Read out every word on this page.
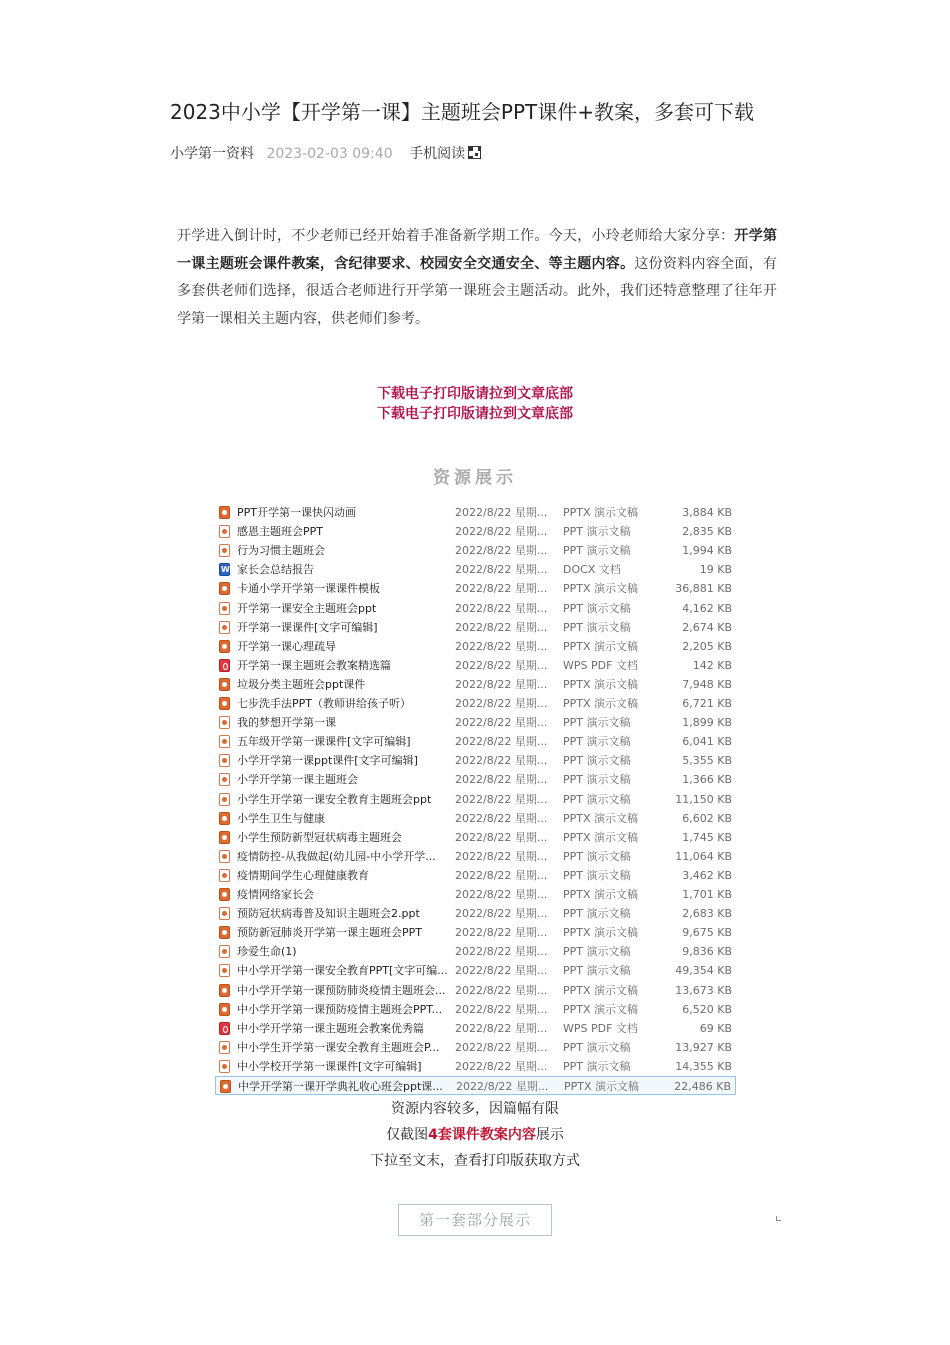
2023中小学【开学第一课】主题班会PPT课件+教案，多套可下载
小学第一资料 2023-02-03 09:40 手机阅读
开学进入倒计时，不少老师已经开始着手准备新学期工作。今天，小玲老师给大家分享：开学第一课主题班会课件教案，含纪律要求、校园安全交通安全、等主题内容。这份资料内容全面，有多套供老师们选择，很适合老师进行开学第一课班会主题活动。此外，我们还特意整理了往年开学第一课相关主题内容，供老师们参考。
下载电子打印版请拉到文章底部
下载电子打印版请拉到文章底部
资源展示
PPT开学第一课快闪动画	2022/8/22 星期...	PPTX 演示文稿	3,884 KB
感恩主题班会PPT	2022/8/22 星期...	PPT 演示文稿	2,835 KB
行为习惯主题班会	2022/8/22 星期...	PPT 演示文稿	1,994 KB
W
家长会总结报告	2022/8/22 星期...	DOCX 文档	19 KB
卡通小学开学第一课课件模板	2022/8/22 星期...	PPTX 演示文稿	36,881 KB
开学第一课安全主题班会ppt	2022/8/22 星期...	PPT 演示文稿	4,162 KB
开学第一课课件[文字可编辑]	2022/8/22 星期...	PPT 演示文稿	2,674 KB
开学第一课心理疏导	2022/8/22 星期...	PPTX 演示文稿	2,205 KB
开学第一课主题班会教案精选篇	2022/8/22 星期...	WPS PDF 文档	142 KB
垃圾分类主题班会ppt课件	2022/8/22 星期...	PPTX 演示文稿	7,948 KB
七步洗手法PPT（教师讲给孩子听）	2022/8/22 星期...	PPTX 演示文稿	6,721 KB
我的梦想开学第一课	2022/8/22 星期...	PPT 演示文稿	1,899 KB
五年级开学第一课课件[文字可编辑]	2022/8/22 星期...	PPT 演示文稿	6,041 KB
小学开学第一课ppt课件[文字可编辑]	2022/8/22 星期...	PPT 演示文稿	5,355 KB
小学开学第一课主题班会	2022/8/22 星期...	PPT 演示文稿	1,366 KB
小学生开学第一课安全教育主题班会ppt	2022/8/22 星期...	PPT 演示文稿	11,150 KB
小学生卫生与健康	2022/8/22 星期...	PPTX 演示文稿	6,602 KB
小学生预防新型冠状病毒主题班会	2022/8/22 星期...	PPTX 演示文稿	1,745 KB
疫情防控-从我做起(幼儿园-中小学开学...	2022/8/22 星期...	PPT 演示文稿	11,064 KB
疫情期间学生心理健康教育	2022/8/22 星期...	PPT 演示文稿	3,462 KB
疫情网络家长会	2022/8/22 星期...	PPTX 演示文稿	1,701 KB
预防冠状病毒普及知识主题班会2.ppt	2022/8/22 星期...	PPT 演示文稿	2,683 KB
预防新冠肺炎开学第一课主题班会PPT	2022/8/22 星期...	PPTX 演示文稿	9,675 KB
珍爱生命(1)	2022/8/22 星期...	PPT 演示文稿	9,836 KB
中小学开学第一课安全教育PPT[文字可编... 2022/8/22 星期...	PPT 演示文稿	49,354 KB
中小学开学第一课预防肺炎疫情主题班会... 2022/8/22 星期...	PPTX 演示文稿	13,673 KB
中小学开学第一课预防疫情主题班会PPT...	2022/8/22 星期...	PPTX 演示文稿	6,520 KB
中小学开学第一课主题班会教案优秀篇	2022/8/22 星期...	WPS PDF 文档	69 KB
中小学生开学第一课安全教育主题班会P...	2022/8/22 星期...	PPT 演示文稿	13,927 KB
中小学校开学第一课课件[文字可编辑]	2022/8/22 星期...	PPT 演示文稿	14,355 KB
中学开学第一课开学典礼收心班会ppt课...	2022/8/22 星期...	PPTX 演示文稿	22,486 KB
资源内容较多，因篇幅有限
仅截图4套课件教案内容展示
下拉至文末，查看打印版获取方式
第一套部分展示
